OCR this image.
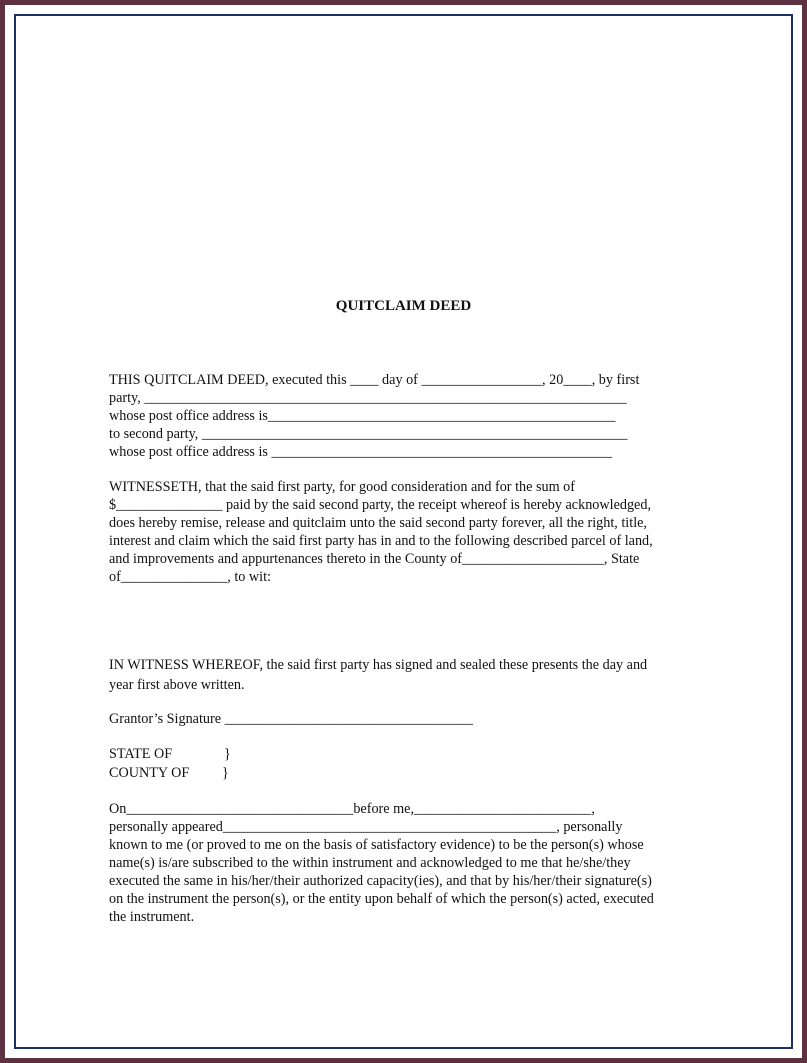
QUITCLAIM DEED
THIS QUITCLAIM DEED, executed this ____ day of _________________, 20____, by first
party, ____________________________________________________________________
whose post office address is_________________________________________________
to second party, ____________________________________________________________
whose post office address is ________________________________________________
WITNESSETH, that the said first party, for good consideration and for the sum of
$_______________ paid by the said second party, the receipt whereof is hereby acknowledged,
does hereby remise, release and quitclaim unto the said second party forever, all the right, title,
interest and claim which the said first party has in and to the following described parcel of land,
and improvements and appurtenances thereto in the County of____________________, State
of_______________, to wit:
IN WITNESS WHEREOF, the said first party has signed and sealed these presents the day and
year first above written.
Grantor’s Signature ___________________________________
STATE OF	}
COUNTY OF }
On________________________________before me,_________________________,
personally appeared_______________________________________________, personally
known to me (or proved to me on the basis of satisfactory evidence) to be the person(s) whose
name(s) is/are subscribed to the within instrument and acknowledged to me that he/she/they
executed the same in his/her/their authorized capacity(ies), and that by his/her/their signature(s)
on the instrument the person(s), or the entity upon behalf of which the person(s) acted, executed
the instrument.
